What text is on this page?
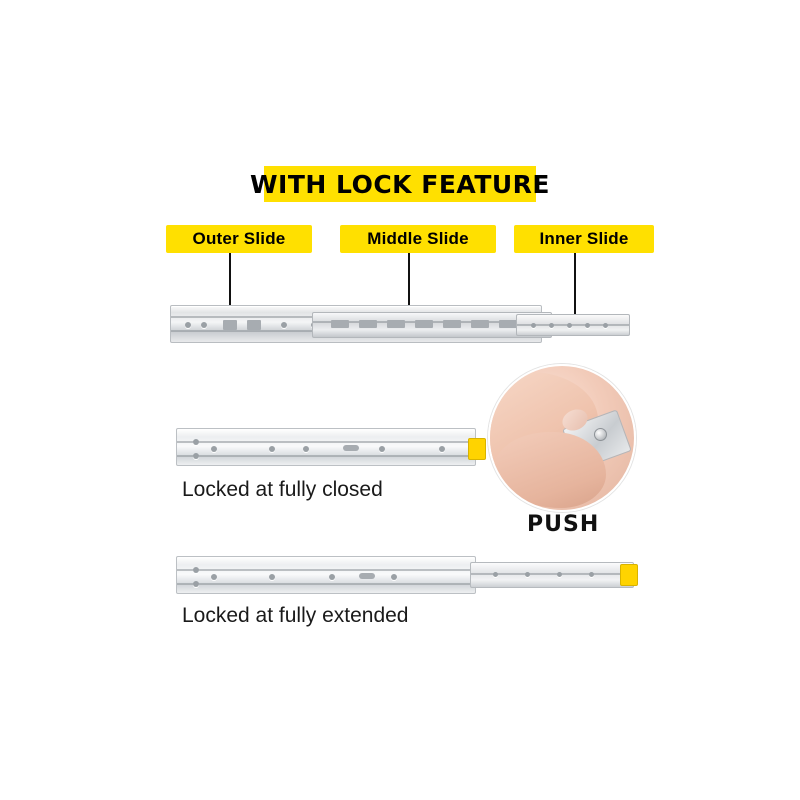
WITH LOCK FEATURE
Outer Slide	Middle Slide	Inner Slide
Locked at fully closed
Locked at fully extended
PUSH
